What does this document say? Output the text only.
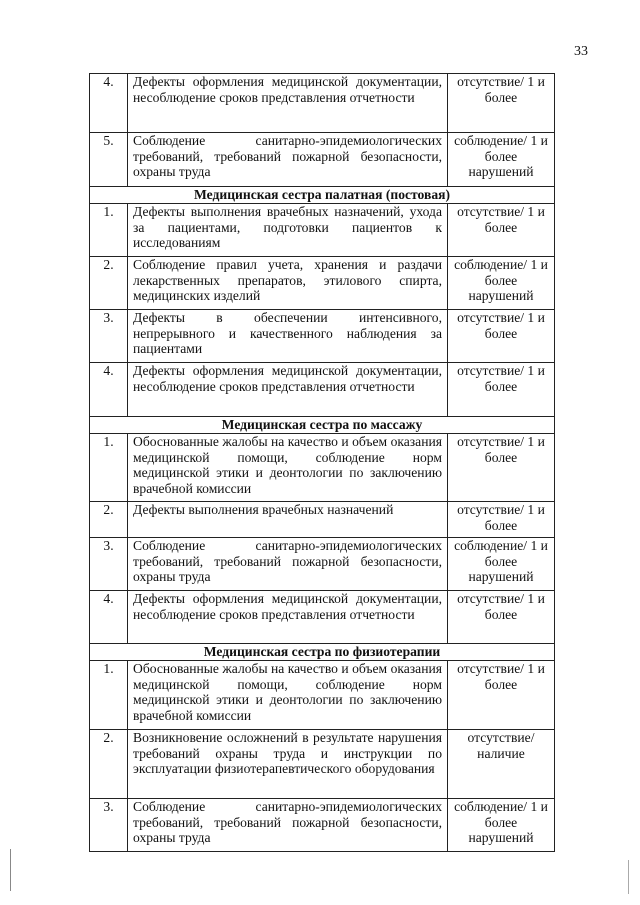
33
4.	Дефекты оформления медицинской документации, несоблюдение сроков представления отчетности	отсутствие/ 1 и более
5.	Соблюдение санитарно-эпидемиологических требований, требований пожарной безопасности, охраны труда	соблюдение/ 1 и более нарушений
Медицинская сестра палатная (постовая)		
1.	Дефекты выполнения врачебных назначений, ухода за пациентами, подготовки пациентов к исследованиям	отсутствие/ 1 и более
2.	Соблюдение правил учета, хранения и раздачи лекарственных препаратов, этилового спирта, медицинских изделий	соблюдение/ 1 и более нарушений
3.	Дефекты в обеспечении интенсивного, непрерывного и качественного наблюдения за пациентами	отсутствие/ 1 и более
4.	Дефекты оформления медицинской документации, несоблюдение сроков представления отчетности	отсутствие/ 1 и более
Медицинская сестра по массажу		
1.	Обоснованные жалобы на качество и объем оказания медицинской помощи, соблюдение норм медицинской этики и деонтологии по заключению врачебной комиссии	отсутствие/ 1 и более
2.	Дефекты выполнения врачебных назначений	отсутствие/ 1 и более
3.	Соблюдение санитарно-эпидемиологических требований, требований пожарной безопасности, охраны труда	соблюдение/ 1 и более нарушений
4.	Дефекты оформления медицинской документации, несоблюдение сроков представления отчетности	отсутствие/ 1 и более
Медицинская сестра по физиотерапии		
1.	Обоснованные жалобы на качество и объем оказания медицинской помощи, соблюдение норм медицинской этики и деонтологии по заключению врачебной комиссии	отсутствие/ 1 и более
2.	Возникновение осложнений в результате нарушения требований охраны труда и инструкции по эксплуатации физиотерапевтического оборудования	отсутствие/ наличие
3.	Соблюдение санитарно-эпидемиологических требований, требований пожарной безопасности, охраны труда	соблюдение/ 1 и более нарушений
